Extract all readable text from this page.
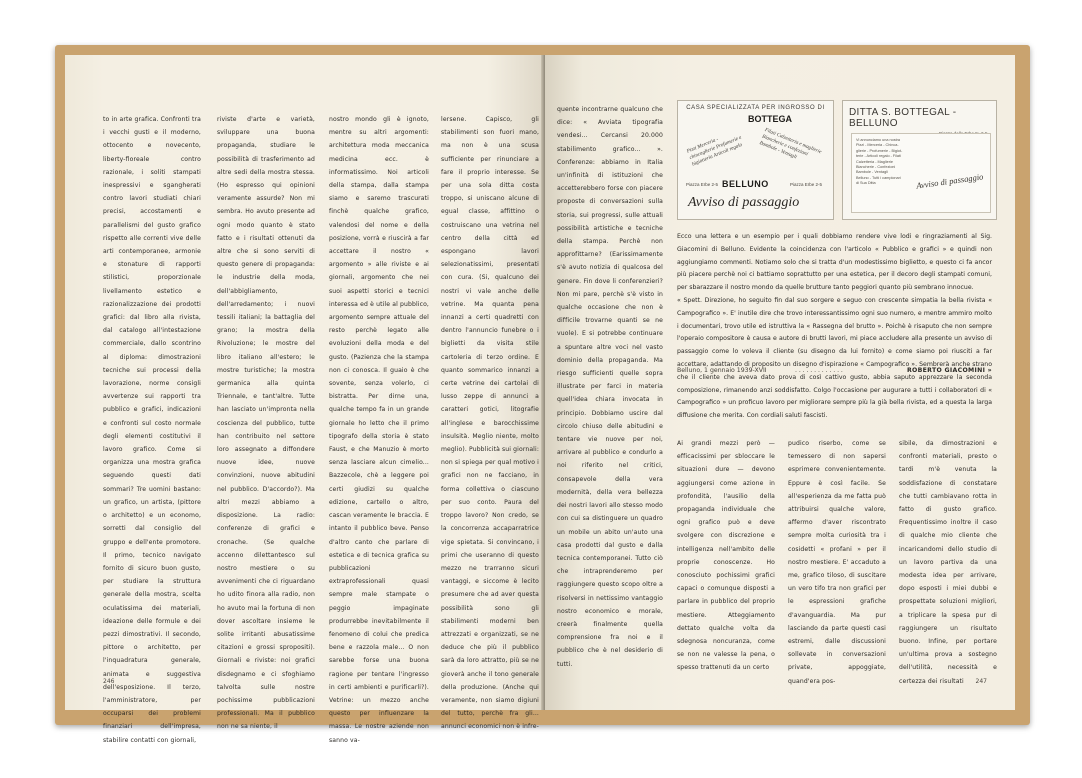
to in arte grafica. Confronti tra i vecchi gusti e il moderno, ottocento e novecento, liberty-floreale contro razionale, i soliti stampati inespressivi e sgangherati contro lavori studiati chiari precisi, accostamenti e parallelismi del gusto grafico rispetto alle correnti vive delle arti contemporanee, armonie e stonature di rapporti stilistici, proporzionale livellamento estetico e razionalizzazione dei prodotti grafici: dal libro alla rivista, dal catalogo all'intestazione commerciale, dallo scontrino al diploma: dimostrazioni tecniche sui processi della lavorazione, norme consigli avvertenze sui rapporti tra pubblico e grafici, indicazioni e confronti sul costo normale degli elementi costitutivi il lavoro grafico. Come si organizza una mostra grafica seguendo questi dati sommari? Tre uomini bastano: un grafico, un artista, (pittore o architetto) e un economo, sorretti dal consiglio del gruppo e dell'ente promotore. Il primo, tecnico navigato fornito di sicuro buon gusto, per studiare la struttura generale della mostra, scelta oculatissima dei materiali, ideazione delle formule e dei pezzi dimostrativi. Il secondo, pittore o architetto, per l'inquadratura generale, animata e suggestiva dell'esposizione. Il terzo, l'amministratore, per occuparsi dei problemi finanziari dell'impresa, stabilire contatti con giornali,

riviste d'arte e varietà, sviluppare una buona propaganda, studiare le possibilità di trasferimento ad altre sedi della mostra stessa. (Ho espresso qui opinioni veramente assurde? Non mi sembra. Ho avuto presente ad ogni modo quanto è stato fatto e i risultati ottenuti da altre che si sono serviti di questo genere di propaganda: le industrie della moda, dell'abbigliamento, dell'arredamento; i nuovi tessili italiani; la battaglia del grano; la mostra della Rivoluzione; le mostre del libro italiano all'estero; le mostre turistiche; la mostra germanica alla quinta Triennale, e tant'altre. Tutte han lasciato un'impronta nella coscienza del pubblico, tutte han contribuito nel settore loro assegnato a diffondere nuove idee, nuove convinzioni, nuove abitudini nel pubblico. D'accordo?). Ma altri mezzi abbiamo a disposizione. La radio: conferenze di grafici e cronache. (Se qualche accenno dilettantesco sul nostro mestiere o su avvenimenti che ci riguardano ho udito finora alla radio, non ho avuto mai la fortuna di non dover ascoltare insieme le solite irritanti abusatissime citazioni e grossi spropositi). Giornali e riviste: noi grafici disdegnamo e ci sfoghiamo talvolta sulle nostre pochissime pubblicazioni professionali. Ma il pubblico non ne sa niente, il

nostro mondo gli è ignoto, mentre su altri argomenti: architettura moda meccanica medicina ecc. è informatissimo. Noi articoli della stampa, dalla stampa siamo e saremo trascurati finchè qualche grafico, valendosi del nome e della posizione, vorrà e riuscirà a far accettare il nostro « argomento » alle riviste e ai giornali, argomento che nei suoi aspetti storici e tecnici interessa ed è utile al pubblico, argomento sempre attuale del resto perchè legato alle evoluzioni della moda e del gusto. (Pazienza che la stampa non ci conosca. Il guaio è che sovente, senza volerlo, ci bistratta. Per dirne una, qualche tempo fa in un grande giornale ho letto che il primo tipografo della storia è stato Faust, e che Manuzio è morto senza lasciare alcun cimelio... Bazzecole, chè a leggere poi certi giudizi su qualche edizione, cartello o altro, cascan veramente le braccia. E intanto il pubblico beve. Penso d'altro canto che parlare di estetica e di tecnica grafica su pubblicazioni extraprofessionali quasi sempre male stampate o peggio impaginate produrrebbe inevitabilmente il fenomeno di colui che predica bene e razzola male... O non sarebbe forse una buona ragione per tentare l'ingresso in certi ambienti e purificarli?). Vetrine: un mezzo anche questo per influenzare la massa. Le nostre aziende non sanno va-

lersene. Capisco, gli stabilimenti son fuori mano, ma non è una scusa sufficiente per rinunciare a fare il proprio interesse. Se per una sola ditta costa troppo, si uniscano alcune di egual classe, affittino o costruiscano una vetrina nel centro della città ed espongano lavori selezionatissimi, presentati con cura. (Si, qualcuno dei nostri vi vale anche delle vetrine. Ma quanta pena innanzi a certi quadretti con dentro l'annuncio funebre o i biglietti da visita stile cartoleria di terzo ordine. E quanto sommarico innanzi a certe vetrine dei cartolai di lusso zeppe di annunci a caratteri gotici, litografie all'inglese e barocchissime insulsità. Meglio niente, molto meglio). Pubblicità sui giornali: non si spiega per qual motivo i grafici non ne facciano, in forma collettiva o ciascuno per suo conto. Paura del troppo lavoro? Non credo, se la concorrenza accaparratrice vige spietata. Si convincano, i primi che useranno di questo mezzo ne trarranno sicuri vantaggi, e siccome è lecito presumere che ad aver questa possibilità sono gli stabilimenti moderni ben attrezzati e organizzati, se ne deduce che più il pubblico sarà da loro attratto, più se ne gioverà anche il tono generale della produzione. (Anche qui veramente, non siamo digiuni del tutto, perchè fra gli... annunci economici non è infre-

246

quente incontrarne qualcuno che dice: « Avviata tipografia vendesi... Cercansi 20.000 stabilimento grafico... ». Conferenze: abbiamo in Italia un'infinità di istituzioni che accetterebbero forse con piacere proposte di conversazioni sulla storia, sui progressi, sulle attuali possibilità artistiche e tecniche della stampa. Perchè non approfittarne? (Earissimamente s'è avuto notizia di qualcosa del genere. Fin dove li conferenzieri? Non mi pare, perchè s'è visto in qualche occasione che non è difficile trovarne quanti se ne vuole). E si potrebbe continuare a spuntare altre voci nel vasto dominio della propaganda. Ma riesgo sufficienti quelle sopra illustrate per farci in materia quell'idea chiara invocata in principio. Dobbiamo uscire dal circolo chiuso delle abitudini e tentare vie nuove per noi, arrivare al pubblico e condurlo a noi riferito nel critici, consapevole della vera modernità, della vera bellezza dei nostri lavori allo stesso modo con cui sa distinguere un quadro un mobile un abito un'auto una casa prodotti dal gusto e dalla tecnica contemporanei. Tutto ciò che intraprenderemo per raggiungere questo scopo oltre a risolversi in nettissimo vantaggio nostro economico e morale, creerà finalmente quella comprensione fra noi e il pubblico che è nel desiderio di tutti.

CASA SPECIALIZZATA PER INGROSSO DI
BOTTEGA
Pizzi Merceria - chincaglierie Profumerie e bigiotteria Articoli regalo	Filati Calzetteria e maglierie Biancherie e confezioni Bambole - Ventagli
Piazza Erbe 2-5 BELLUNO	Piazza Erbe 2-5
Avviso di passaggio
DITTA S. BOTTEGAL - BELLUNO
Vi annunciamo una nostra
Pizzi - Merceria - Chinca-
glierie - Profumerie - Bigiot-
terie - Articoli regalo - Filati
Calzetteria - Maglierie
Biancherie - Confezioni
Bambole - Ventagli
Belluno - Tutti i campionari
di Sua Ditta	Avviso di passaggio

Ecco una lettera e un esempio per i quali dobbiamo rendere vive lodi e ringraziamenti al Sig. Giacomini di Belluno. Evidente la coincidenza con l'articolo « Pubblico e grafici » e quindi non aggiungiamo commenti. Notiamo solo che si tratta d'un modestissimo biglietto, e questo ci fa ancor più piacere perchè noi ci battiamo soprattutto per una estetica, per il decoro degli stampati comuni, per sbarazzare il nostro mondo da quelle brutture tanto peggiori quanto più sembrano innocue.

« Spett. Direzione, ho seguito fin dal suo sorgere e seguo con crescente simpatia la bella rivista « Campografico ». E' inutile dire che trovo interessantissimo ogni suo numero, e mentre ammiro molto i documentari, trovo utile ed istruttiva la « Rassegna del brutto ». Poichè è risaputo che non sempre l'operaio compositore è causa e autore di brutti lavori, mi piace accludere alla presente un avviso di passaggio come lo voleva il cliente (su disegno da lui fornito) e come siamo poi riusciti a far accettare, adattando di proposito un disegno d'ispirazione « Campografico ». Sembrerà anche strano che il cliente che aveva dato prova di così cattivo gusto, abbia saputo apprezzare la seconda composizione, rimanendo anzi soddisfatto. Colgo l'occasione per augurare a tutti i collaboratori di « Campografico » un proficuo lavoro per migliorare sempre più la già bella rivista, ed a questa la larga diffusione che merita. Con cordiali saluti fascisti.

Belluno, 1 gennaio 1939-XVII	.............	ROBERTO GIACOMINI »

Ai grandi mezzi però — efficacissimi per sbloccare le situazioni dure — devono aggiungersi come azione in profondità, l'ausilio della propaganda individuale che ogni grafico può e deve svolgere con discrezione e intelligenza nell'ambito delle proprie conoscenze. Ho conosciuto pochissimi grafici capaci o comunque disposti a parlare in pubblico del proprio mestiere. Atteggiamento dettato qualche volta da sdegnosa noncuranza, come se non ne valesse la pena, o spesso trattenuti da un certo

pudico riserbo, come se temessero di non sapersi esprimere convenientemente. Eppure è così facile. Se all'esperienza da me fatta può attribuirsi qualche valore, affermo d'aver riscontrato sempre molta curiosità tra i cosidetti « profani » per il nostro mestiere. E' accaduto a me, grafico tiloso, di suscitare un vero tifo tra non grafici per le espressioni grafiche d'avanguardia. Ma pur lasciando da parte questi casi estremi, dalle discussioni sollevate in conversazioni private, appoggiate, quand'era pos-

sibile, da dimostrazioni e confronti materiali, presto o tardi m'è venuta la soddisfazione di constatare che tutti cambiavano rotta in fatto di gusto grafico. Frequentissimo inoltre il caso di qualche mio cliente che incaricandomi dello studio di un lavoro partiva da una modesta idea per arrivare, dopo esposti i miei dubbi e prospettate soluzioni migliori, a triplicare la spesa pur di raggiungere un risultato buono. Infine, per portare un'ultima prova a sostegno dell'utilità, necessità e certezza dei risultati	247
